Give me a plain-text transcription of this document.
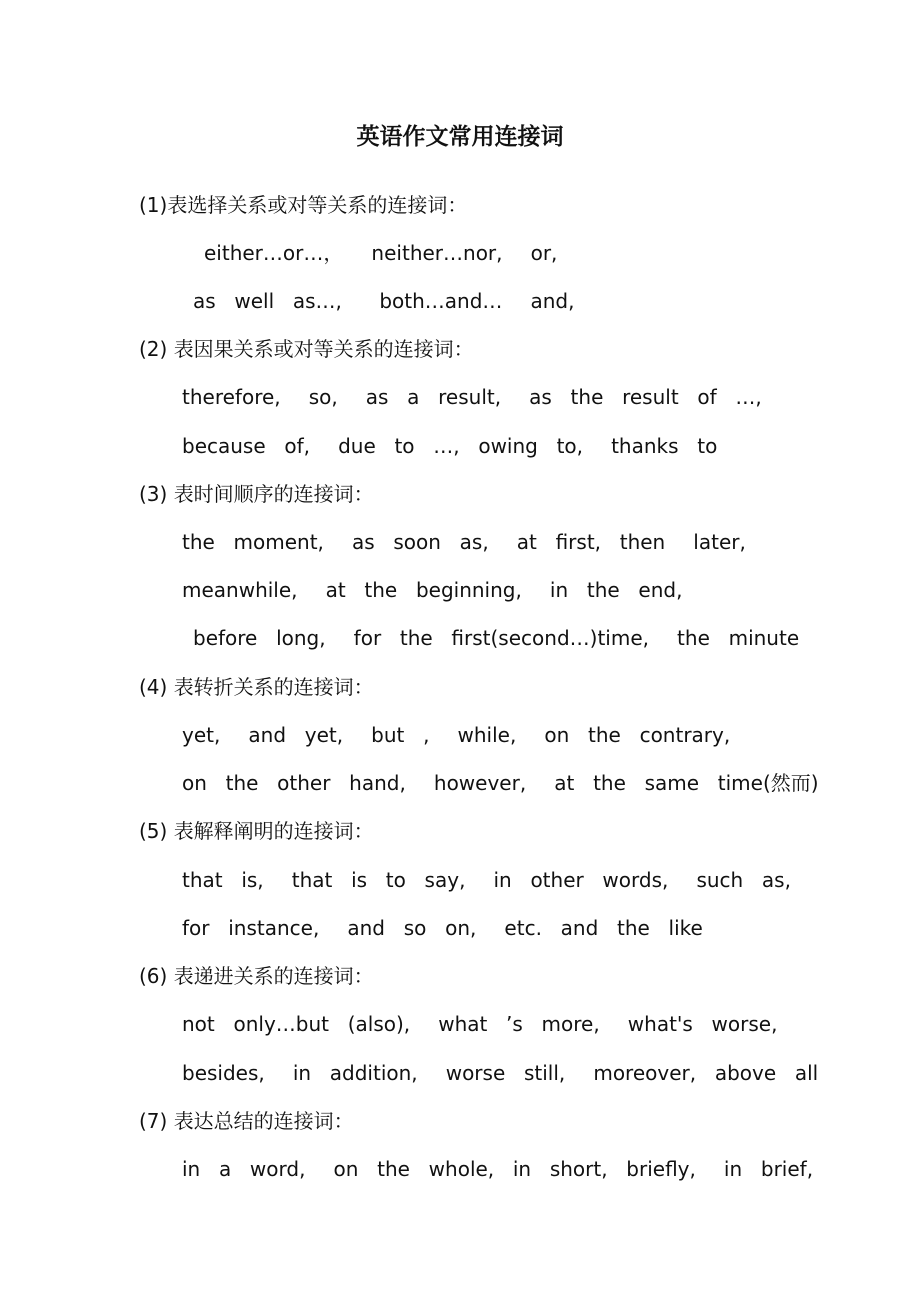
英语作文常用连接词
(1)表选择关系或对等关系的连接词：
either…or…，   neither…nor,   or,
as  well  as…,    both…and…   and,
(2) 表因果关系或对等关系的连接词：
therefore,   so,   as  a  result,   as  the  result  of  …,
because  of,   due  to  …,  owing  to,   thanks  to
(3) 表时间顺序的连接词：
the  moment,   as  soon  as,   at  first,  then   later,
meanwhile,   at  the  beginning,   in  the  end,
before  long,   for  the  first(second…)time,   the  minute
(4) 表转折关系的连接词：
yet,   and  yet,   but  ,   while,   on  the  contrary,
on  the  other  hand,   however,   at  the  same  time(然而)
(5) 表解释阐明的连接词：
that  is,   that  is  to  say,   in  other  words,   such  as,
for  instance,   and  so  on,   etc.  and  the  like
(6) 表递进关系的连接词：
not  only…but  (also),   what  ’s  more,   what's  worse,
besides,   in  addition,   worse  still,   moreover,  above  all
(7) 表达总结的连接词：
in  a  word,   on  the  whole,  in  short,  briefly,   in  brief,
